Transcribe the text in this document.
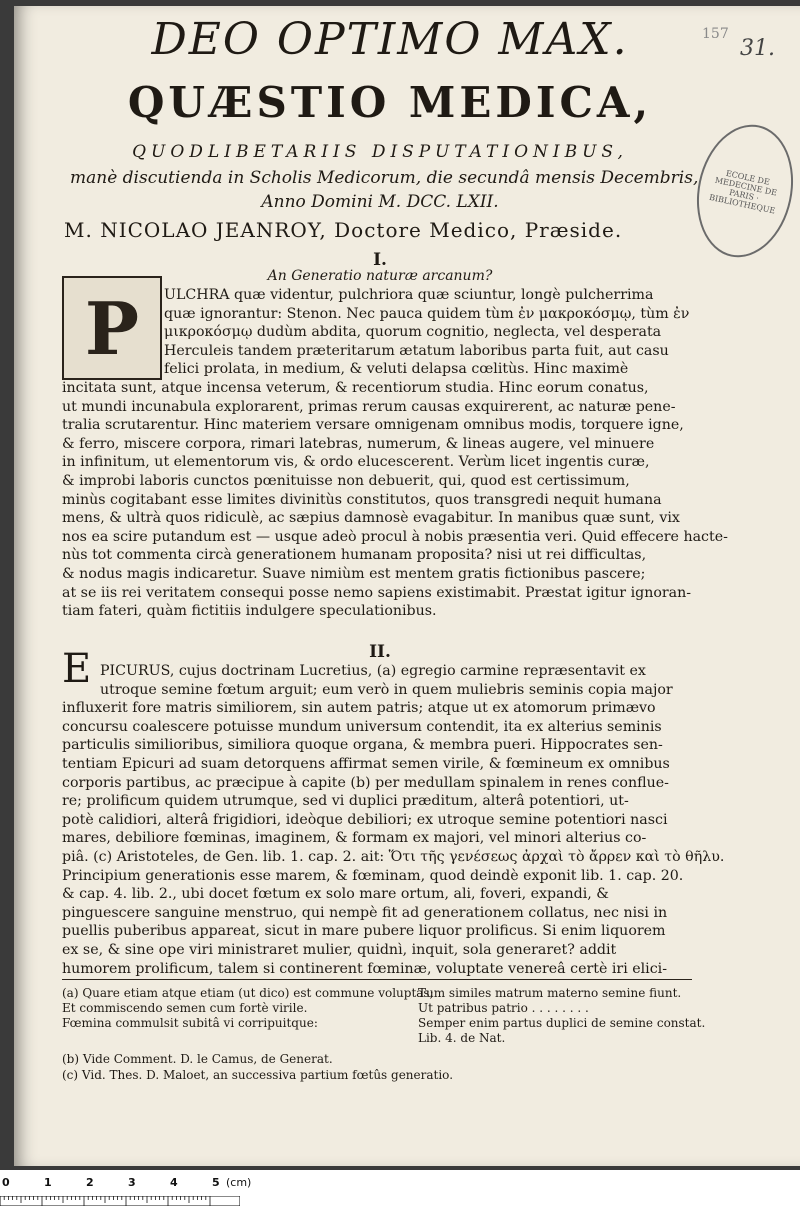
157
31.
ECOLE DE MEDECINE DE PARIS · BIBLIOTHEQUE
DEO OPTIMO MAX.
QUÆSTIO MEDICA,
QUODLIBETARIIS DISPUTATIONIBUS,
manè discutienda in Scholis Medicorum, die secundâ mensis Decembris,
Anno Domini M. DCC. LXII.
M. NICOLAO JEANROY, Doctore Medico, Præside.
I.
An Generatio naturæ arcanum?
P ULCHRA quæ videntur, pulchriora quæ sciuntur, longè pulcherrima
quæ ignorantur: Stenon. Nec pauca quidem tùm ἐν μακροκόσμῳ, tùm ἐν
μικροκόσμῳ dudùm abdita, quorum cognitio, neglecta, vel desperata
Herculeis tandem præteritarum ætatum laboribus parta fuit, aut casu
felici prolata, in medium, & veluti delapsa cœlitùs. Hinc maximè
incitata sunt, atque incensa veterum, & recentiorum studia. Hinc eorum conatus,
ut mundi incunabula explorarent, primas rerum causas exquirerent, ac naturæ pene-
tralia scrutarentur. Hinc materiem versare omnigenam omnibus modis, torquere igne,
& ferro, miscere corpora, rimari latebras, numerum, & lineas augere, vel minuere
in infinitum, ut elementorum vis, & ordo elucescerent. Verùm licet ingentis curæ,
& improbi laboris cunctos pœnituisse non debuerit, qui, quod est certissimum,
minùs cogitabant esse limites divinitùs constitutos, quos transgredi nequit humana
mens, & ultrà quos ridiculè, ac sæpius damnosè evagabitur. In manibus quæ sunt, vix
nos ea scire putandum est — usque adeò procul à nobis præsentia veri. Quid effecere hacte-
nùs tot commenta circà generationem humanam proposita? nisi ut rei difficultas,
& nodus magis indicaretur. Suave nimiùm est mentem gratis fictionibus pascere;
at se iis rei veritatem consequi posse nemo sapiens existimabit. Præstat igitur ignoran-
tiam fateri, quàm fictitiis indulgere speculationibus.
II.
E PICURUS, cujus doctrinam Lucretius, (a) egregio carmine repræsentavit ex
utroque semine fœtum arguit; eum verò in quem muliebris seminis copia major
influxerit fore matris similiorem, sin autem patris; atque ut ex atomorum primævo
concursu coalescere potuisse mundum universum contendit, ita ex alterius seminis
particulis similioribus, similiora quoque organa, & membra pueri. Hippocrates sen-
tentiam Epicuri ad suam detorquens affirmat semen virile, & fœmineum ex omnibus
corporis partibus, ac præcipue à capite (b) per medullam spinalem in renes conflue-
re; prolificum quidem utrumque, sed vi duplici præditum, alterâ potentiori, ut-
potè calidiori, alterâ frigidiori, ideòque debiliori; ex utroque semine potentiori nasci
mares, debiliore fœminas, imaginem, & formam ex majori, vel minori alterius co-
piâ. (c) Aristoteles, de Gen. lib. 1. cap. 2. ait: Ὅτι τῆς γενέσεως ἀρχαὶ τὸ ἄρρεν καὶ τὸ θῆλυ.
Principium generationis esse marem, & fœminam, quod deindè exponit lib. 1. cap. 20.
& cap. 4. lib. 2., ubi docet fœtum ex solo mare ortum, ali, foveri, expandi, &
pinguescere sanguine menstruo, qui nempè fit ad generationem collatus, nec nisi in
puellis puberibus appareat, sicut in mare pubere liquor prolificus. Si enim liquorem
ex se, & sine ope viri ministraret mulier, quidnì, inquit, sola generaret? addit
humorem prolificum, talem si continerent fœminæ, voluptate venereâ certè iri elici-
(a) Quare etiam atque etiam (ut dico) est commune voluptas;
Et commiscendo semen cum fortè virile.
Fœmina commulsit subitâ vi corripuitque:
Tum similes matrum materno semine fiunt.
Ut patribus patrio . . . . . . . .
Semper enim partus duplici de semine constat.
Lib. 4. de Nat.
(b) Vide Comment. D. le Camus, de Generat.
(c) Vid. Thes. D. Maloet, an successiva partium fœtûs generatio.
0	1	2	3	4	5 (cm)
